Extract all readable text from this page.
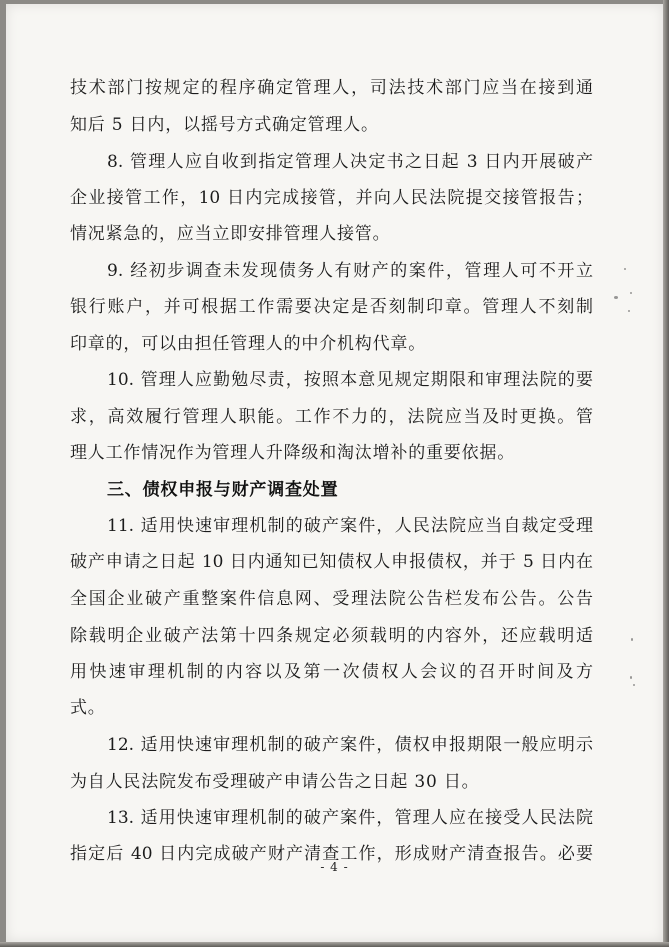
技术部门按规定的程序确定管理人，司法技术部门应当在接到通
知后 5 日内，以摇号方式确定管理人。
8. 管理人应自收到指定管理人决定书之日起 3 日内开展破产
企业接管工作，10 日内完成接管，并向人民法院提交接管报告；
情况紧急的，应当立即安排管理人接管。
9. 经初步调查未发现债务人有财产的案件，管理人可不开立
银行账户，并可根据工作需要决定是否刻制印章。管理人不刻制
印章的，可以由担任管理人的中介机构代章。
10. 管理人应勤勉尽责，按照本意见规定期限和审理法院的要
求，高效履行管理人职能。工作不力的，法院应当及时更换。管
理人工作情况作为管理人升降级和淘汰增补的重要依据。
三、债权申报与财产调查处置
11. 适用快速审理机制的破产案件，人民法院应当自裁定受理
破产申请之日起 10 日内通知已知债权人申报债权，并于 5 日内在
全国企业破产重整案件信息网、受理法院公告栏发布公告。公告
除载明企业破产法第十四条规定必须载明的内容外，还应载明适
用快速审理机制的内容以及第一次债权人会议的召开时间及方
式。
12. 适用快速审理机制的破产案件，债权申报期限一般应明示
为自人民法院发布受理破产申请公告之日起 30 日。
13. 适用快速审理机制的破产案件，管理人应在接受人民法院
指定后 40 日内完成破产财产清查工作，形成财产清查报告。必要
- 4 -
